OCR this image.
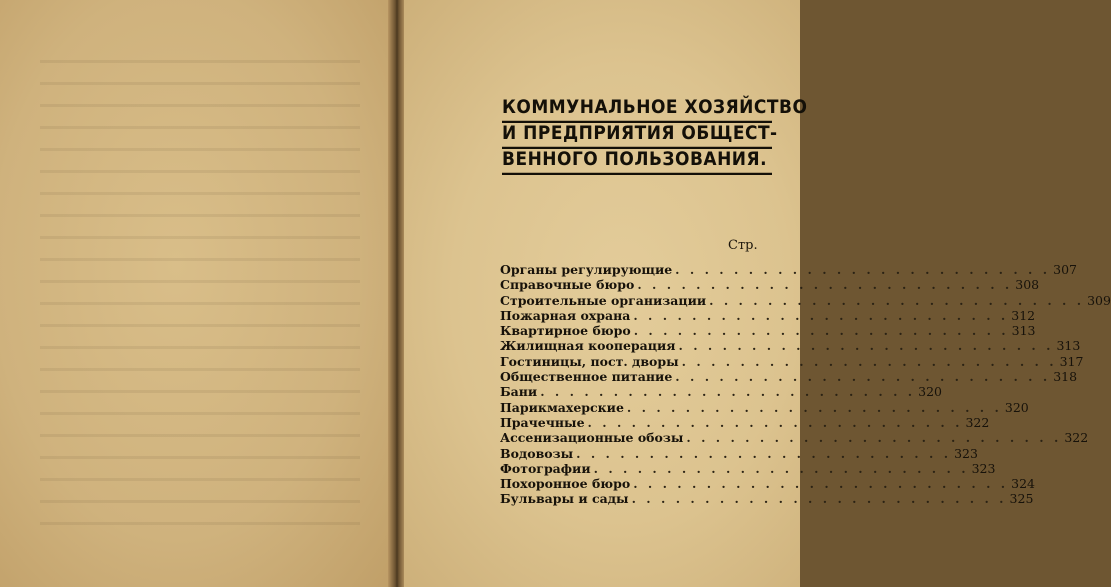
КОММУНАЛЬНОЕ ХОЗЯЙСТВО
И ПРЕДПРИЯТИЯ ОБЩЕСТ-
ВЕННОГО ПОЛЬЗОВАНИЯ.
Стр.
Органы регулирующие . . . . . . . . . . . . . . . . . . . . . . . . . . 307
Справочные бюро . . . . . . . . . . . . . . . . . . . . . . . . . . 308
Строительные организации . . . . . . . . . . . . . . . . . . . . . . . . . . 309
Пожарная охрана . . . . . . . . . . . . . . . . . . . . . . . . . . 312
Квартирное бюро . . . . . . . . . . . . . . . . . . . . . . . . . . 313
Жилищная кооперация . . . . . . . . . . . . . . . . . . . . . . . . . . 313
Гостиницы, пост. дворы . . . . . . . . . . . . . . . . . . . . . . . . . . 317
Общественное питание . . . . . . . . . . . . . . . . . . . . . . . . . . 318
Бани . . . . . . . . . . . . . . . . . . . . . . . . . . 320
Парикмахерские . . . . . . . . . . . . . . . . . . . . . . . . . . 320
Прачечные . . . . . . . . . . . . . . . . . . . . . . . . . . 322
Ассенизационные обозы . . . . . . . . . . . . . . . . . . . . . . . . . . 322
Водовозы . . . . . . . . . . . . . . . . . . . . . . . . . . 323
Фотографии . . . . . . . . . . . . . . . . . . . . . . . . . . 323
Похоронное бюро . . . . . . . . . . . . . . . . . . . . . . . . . . 324
Бульвары и сады . . . . . . . . . . . . . . . . . . . . . . . . . . 325
